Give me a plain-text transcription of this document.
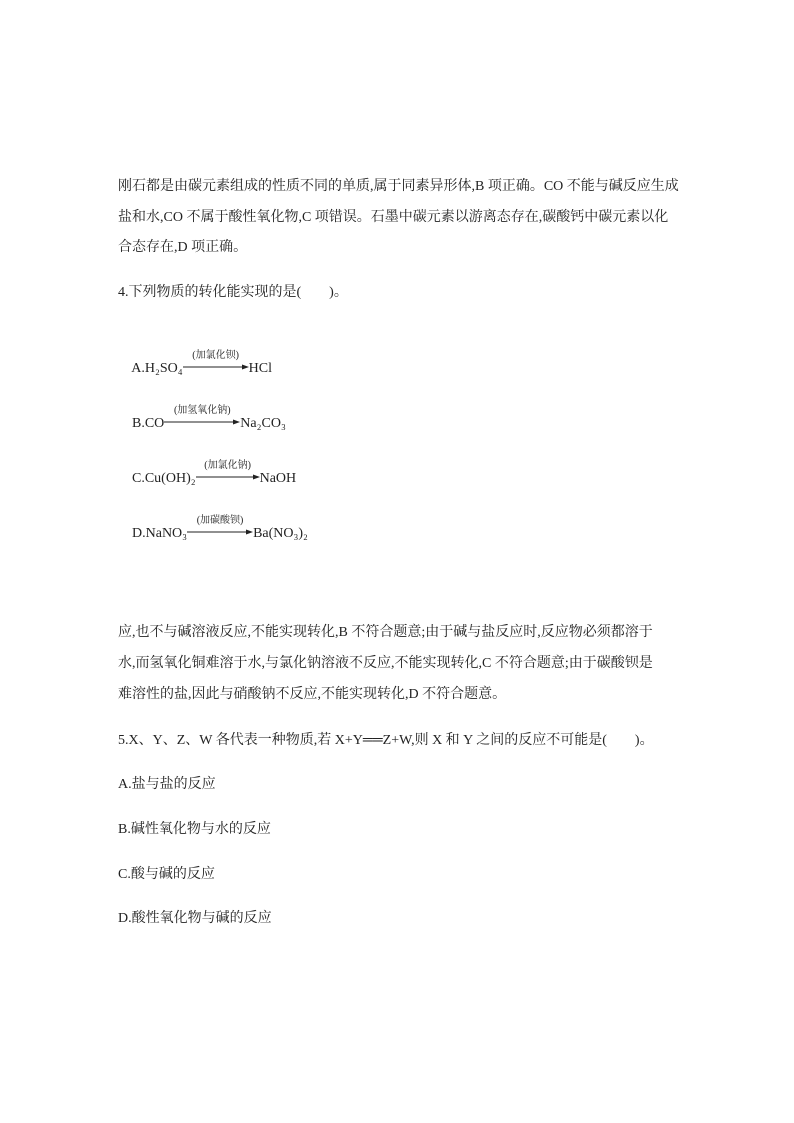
刚石都是由碳元素组成的性质不同的单质,属于同素异形体,B 项正确。CO 不能与碱反应生成
盐和水,CO 不属于酸性氧化物,C 项错误。石墨中碳元素以游离态存在,碳酸钙中碳元素以化
合态存在,D 项正确。
4.下列物质的转化能实现的是(　　)。

A.H₂SO₄
(加氯化钡)
HCl

B.CO
(加氢氧化钠)
Na₂CO₃

C.Cu(OH)₂
(加氯化钠)
NaOH

D.NaNO₃
(加碳酸钡)
Ba(NO₃)₂

应,也不与碱溶液反应,不能实现转化,B 不符合题意;由于碱与盐反应时,反应物必须都溶于
水,而氢氧化铜难溶于水,与氯化钠溶液不反应,不能实现转化,C 不符合题意;由于碳酸钡是
难溶性的盐,因此与硝酸钠不反应,不能实现转化,D 不符合题意。
5.X、Y、Z、W 各代表一种物质,若 X+Y══Z+W,则 X 和 Y 之间的反应不可能是(　　)。
A.盐与盐的反应
B.碱性氧化物与水的反应
C.酸与碱的反应
D.酸性氧化物与碱的反应
